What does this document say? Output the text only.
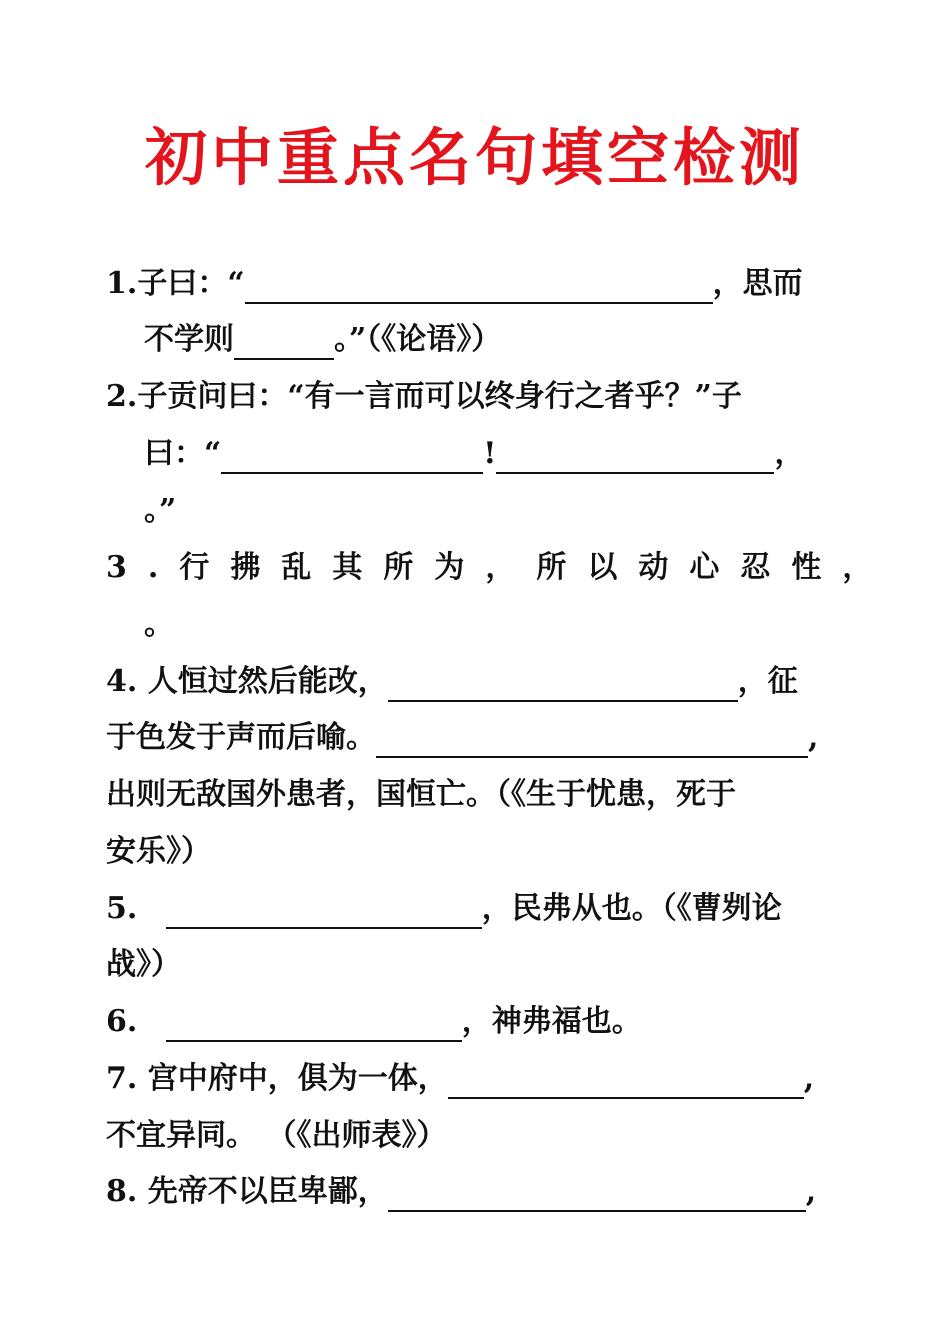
初中重点名句填空检测
1.子曰：“	，思而
不学则	。”（《论语》）
2.子贡问曰：“有一言而可以终身行之者乎？”子
曰：“	!	，
。”
3.行拂乱其所为，所以动心忍性，
。
4. 人恒过然后能改，	，征
于色发于声而后喻。	,
出则无敌国外患者，国恒亡。（《生于忧患，死于
安乐》）
5.	，民弗从也。（《曹刿论
战》）
6.	，神弗福也。
7. 宫中府中，俱为一体，	,
不宜异同。 （《出师表》）
8. 先帝不以臣卑鄙，	,
